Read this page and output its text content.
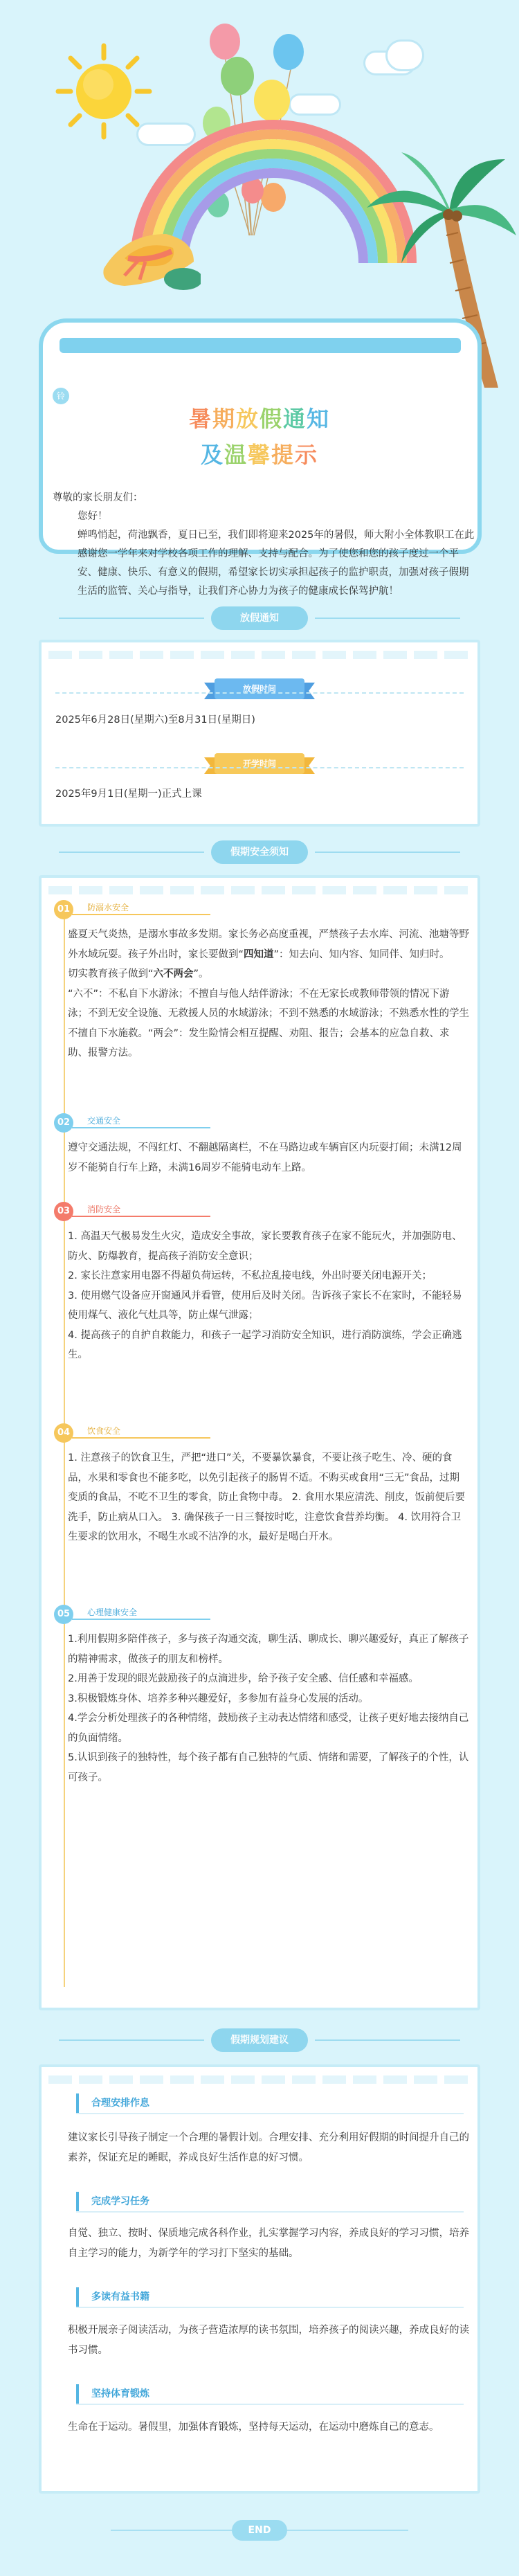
铃
暑期放假通知
及温馨提示

尊敬的家长朋友们：

您好！

蝉鸣悄起，荷池飘香，夏日已至，我们即将迎来2025年的暑假，师大附小全体教职工在此感谢您一学年来对学校各项工作的理解、支持与配合。为了使您和您的孩子度过一个平安、健康、快乐、有意义的假期，希望家长切实承担起孩子的监护职责，加强对孩子假期生活的监管、关心与指导，让我们齐心协力为孩子的健康成长保驾护航！

放假通知
放假时间
2025年6月28日(星期六)至8月31日(星期日)
开学时间
2025年9月1日(星期一)正式上课
假期安全须知
01	防溺水安全

盛夏天气炎热，是溺水事故多发期。家长务必高度重视，严禁孩子去水库、河流、池塘等野外水域玩耍。孩子外出时，家长要做到“四知道”：知去向、知内容、知同伴、知归时。

切实教育孩子做到“六不两会”。

“六不”：不私自下水游泳；不擅自与他人结伴游泳；不在无家长或教师带领的情况下游泳；不到无安全设施、无救援人员的水域游泳；不到不熟悉的水域游泳；不熟悉水性的学生不擅自下水施救。“两会”：发生险情会相互提醒、劝阻、报告；会基本的应急自救、求助、报警方法。

02	交通安全
遵守交通法规，不闯红灯、不翻越隔离栏，不在马路边或车辆盲区内玩耍打闹；未满12周岁不能骑自行车上路，未满16周岁不能骑电动车上路。
03	消防安全

1. 高温天气极易发生火灾，造成安全事故，家长要教育孩子在家不能玩火，并加强防电、防火、防爆教育，提高孩子消防安全意识；

2. 家长注意家用电器不得超负荷运转，不私拉乱接电线，外出时要关闭电源开关；

3. 使用燃气设备应开窗通风并看管，使用后及时关闭。告诉孩子家长不在家时，不能轻易使用煤气、液化气灶具等，防止煤气泄露；

4. 提高孩子的自护自救能力，和孩子一起学习消防安全知识，进行消防演练，学会正确逃生。

04	饮食安全
1. 注意孩子的饮食卫生，严把“进口”关，不要暴饮暴食，不要让孩子吃生、冷、硬的食品，水果和零食也不能多吃，以免引起孩子的肠胃不适。不购买或食用“三无”食品，过期变质的食品，不吃不卫生的零食，防止食物中毒。 2. 食用水果应清洗、削皮，饭前便后要洗手，防止病从口入。 3. 确保孩子一日三餐按时吃，注意饮食营养均衡。 4. 饮用符合卫生要求的饮用水，不喝生水或不洁净的水，最好是喝白开水。
05	心理健康安全

1.利用假期多陪伴孩子，多与孩子沟通交流，聊生活、聊成长、聊兴趣爱好，真正了解孩子的精神需求，做孩子的朋友和榜样。

2.用善于发现的眼光鼓励孩子的点滴进步，给予孩子安全感、信任感和幸福感。

3.积极锻炼身体、培养多种兴趣爱好，多参加有益身心发展的活动。

4.学会分析处理孩子的各种情绪，鼓励孩子主动表达情绪和感受，让孩子更好地去接纳自己的负面情绪。

5.认识到孩子的独特性，每个孩子都有自己独特的气质、情绪和需要，了解孩子的个性，认可孩子。

假期规划建议
合理安排作息
建议家长引导孩子制定一个合理的暑假计划。合理安排、充分利用好假期的时间提升自己的素养，保证充足的睡眠，养成良好生活作息的好习惯。
完成学习任务
自觉、独立、按时、保质地完成各科作业，扎实掌握学习内容，养成良好的学习习惯，培养自主学习的能力，为新学年的学习打下坚实的基础。
多读有益书籍
积极开展亲子阅读活动，为孩子营造浓厚的读书氛围，培养孩子的阅读兴趣，养成良好的读书习惯。
坚持体育锻炼
生命在于运动。暑假里，加强体育锻炼，坚持每天运动，在运动中磨炼自己的意志。
END
